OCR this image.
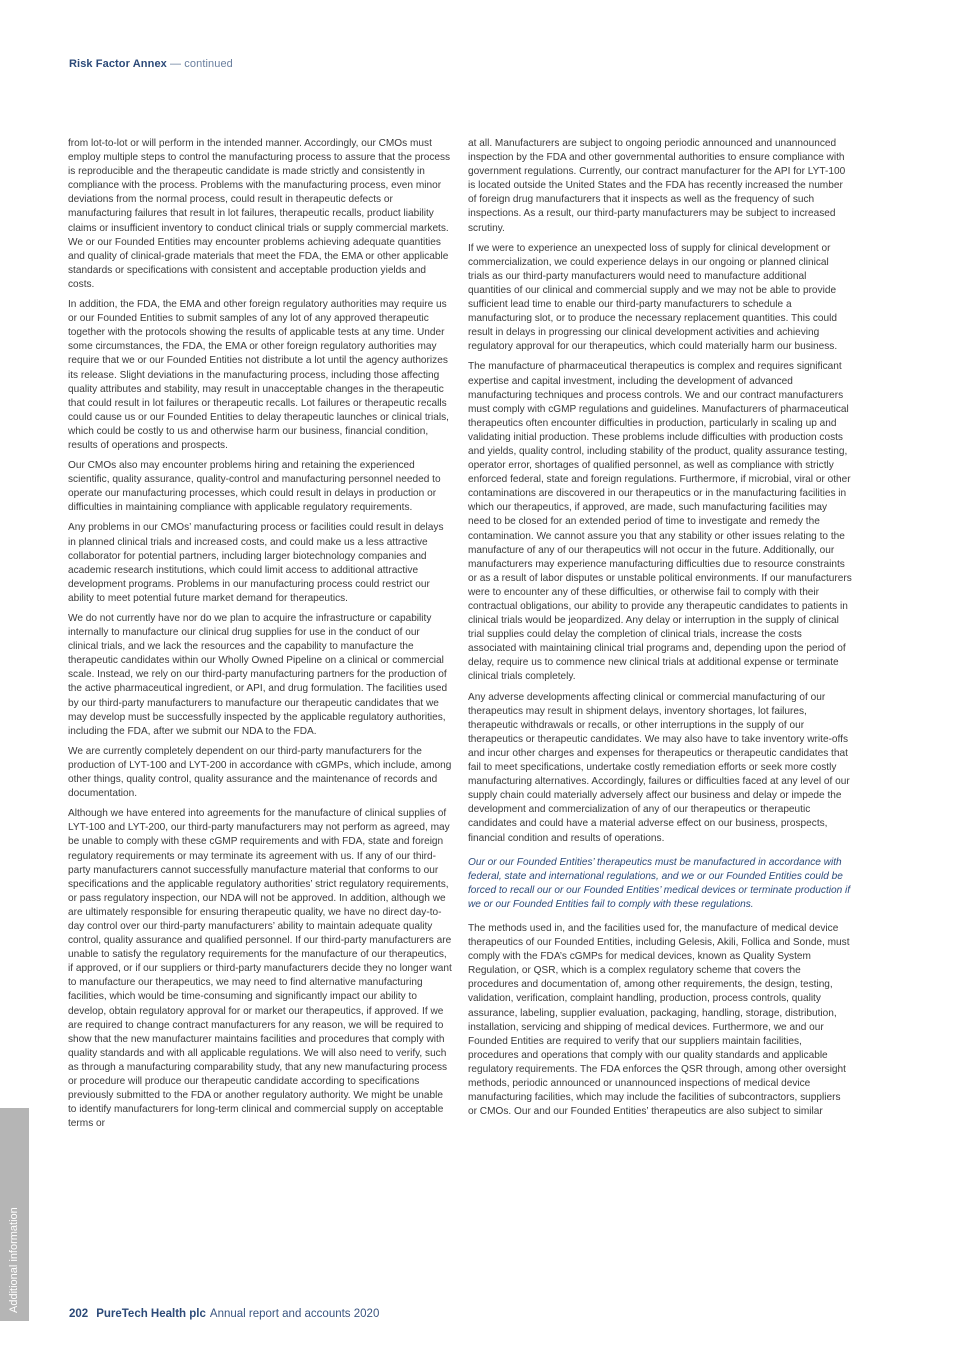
Risk Factor Annex — continued

from lot-to-lot or will perform in the intended manner. Accordingly, our CMOs must employ multiple steps to control the manufacturing process to assure that the process is reproducible and the therapeutic candidate is made strictly and consistently in compliance with the process. Problems with the manufacturing process, even minor deviations from the normal process, could result in therapeutic defects or manufacturing failures that result in lot failures, therapeutic recalls, product liability claims or insufficient inventory to conduct clinical trials or supply commercial markets. We or our Founded Entities may encounter problems achieving adequate quantities and quality of clinical-grade materials that meet the FDA, the EMA or other applicable standards or specifications with consistent and acceptable production yields and costs.

In addition, the FDA, the EMA and other foreign regulatory authorities may require us or our Founded Entities to submit samples of any lot of any approved therapeutic together with the protocols showing the results of applicable tests at any time. Under some circumstances, the FDA, the EMA or other foreign regulatory authorities may require that we or our Founded Entities not distribute a lot until the agency authorizes its release. Slight deviations in the manufacturing process, including those affecting quality attributes and stability, may result in unacceptable changes in the therapeutic that could result in lot failures or therapeutic recalls. Lot failures or therapeutic recalls could cause us or our Founded Entities to delay therapeutic launches or clinical trials, which could be costly to us and otherwise harm our business, financial condition, results of operations and prospects.

Our CMOs also may encounter problems hiring and retaining the experienced scientific, quality assurance, quality-control and manufacturing personnel needed to operate our manufacturing processes, which could result in delays in production or difficulties in maintaining compliance with applicable regulatory requirements.

Any problems in our CMOs’ manufacturing process or facilities could result in delays in planned clinical trials and increased costs, and could make us a less attractive collaborator for potential partners, including larger biotechnology companies and academic research institutions, which could limit access to additional attractive development programs. Problems in our manufacturing process could restrict our ability to meet potential future market demand for therapeutics.

We do not currently have nor do we plan to acquire the infrastructure or capability internally to manufacture our clinical drug supplies for use in the conduct of our clinical trials, and we lack the resources and the capability to manufacture the therapeutic candidates within our Wholly Owned Pipeline on a clinical or commercial scale. Instead, we rely on our third-party manufacturing partners for the production of the active pharmaceutical ingredient, or API, and drug formulation. The facilities used by our third-party manufacturers to manufacture our therapeutic candidates that we may develop must be successfully inspected by the applicable regulatory authorities, including the FDA, after we submit our NDA to the FDA.

We are currently completely dependent on our third-party manufacturers for the production of LYT-100 and LYT-200 in accordance with cGMPs, which include, among other things, quality control, quality assurance and the maintenance of records and documentation.

Although we have entered into agreements for the manufacture of clinical supplies of LYT-100 and LYT-200, our third-party manufacturers may not perform as agreed, may be unable to comply with these cGMP requirements and with FDA, state and foreign regulatory requirements or may terminate its agreement with us. If any of our third-party manufacturers cannot successfully manufacture material that conforms to our specifications and the applicable regulatory authorities’ strict regulatory requirements, or pass regulatory inspection, our NDA will not be approved. In addition, although we are ultimately responsible for ensuring therapeutic quality, we have no direct day-to-day control over our third-party manufacturers’ ability to maintain adequate quality control, quality assurance and qualified personnel. If our third-party manufacturers are unable to satisfy the regulatory requirements for the manufacture of our therapeutics, if approved, or if our suppliers or third-party manufacturers decide they no longer want to manufacture our therapeutics, we may need to find alternative manufacturing facilities, which would be time-consuming and significantly impact our ability to develop, obtain regulatory approval for or market our therapeutics, if approved. If we are required to change contract manufacturers for any reason, we will be required to show that the new manufacturer maintains facilities and procedures that comply with quality standards and with all applicable regulations. We will also need to verify, such as through a manufacturing comparability study, that any new manufacturing process or procedure will produce our therapeutic candidate according to specifications previously submitted to the FDA or another regulatory authority. We might be unable to identify manufacturers for long-term clinical and commercial supply on acceptable terms or

at all. Manufacturers are subject to ongoing periodic announced and unannounced inspection by the FDA and other governmental authorities to ensure compliance with government regulations. Currently, our contract manufacturer for the API for LYT-100 is located outside the United States and the FDA has recently increased the number of foreign drug manufacturers that it inspects as well as the frequency of such inspections. As a result, our third-party manufacturers may be subject to increased scrutiny.

If we were to experience an unexpected loss of supply for clinical development or commercialization, we could experience delays in our ongoing or planned clinical trials as our third-party manufacturers would need to manufacture additional quantities of our clinical and commercial supply and we may not be able to provide sufficient lead time to enable our third-party manufacturers to schedule a manufacturing slot, or to produce the necessary replacement quantities. This could result in delays in progressing our clinical development activities and achieving regulatory approval for our therapeutics, which could materially harm our business.

The manufacture of pharmaceutical therapeutics is complex and requires significant expertise and capital investment, including the development of advanced manufacturing techniques and process controls. We and our contract manufacturers must comply with cGMP regulations and guidelines. Manufacturers of pharmaceutical therapeutics often encounter difficulties in production, particularly in scaling up and validating initial production. These problems include difficulties with production costs and yields, quality control, including stability of the product, quality assurance testing, operator error, shortages of qualified personnel, as well as compliance with strictly enforced federal, state and foreign regulations. Furthermore, if microbial, viral or other contaminations are discovered in our therapeutics or in the manufacturing facilities in which our therapeutics, if approved, are made, such manufacturing facilities may need to be closed for an extended period of time to investigate and remedy the contamination. We cannot assure you that any stability or other issues relating to the manufacture of any of our therapeutics will not occur in the future. Additionally, our manufacturers may experience manufacturing difficulties due to resource constraints or as a result of labor disputes or unstable political environments. If our manufacturers were to encounter any of these difficulties, or otherwise fail to comply with their contractual obligations, our ability to provide any therapeutic candidates to patients in clinical trials would be jeopardized. Any delay or interruption in the supply of clinical trial supplies could delay the completion of clinical trials, increase the costs associated with maintaining clinical trial programs and, depending upon the period of delay, require us to commence new clinical trials at additional expense or terminate clinical trials completely.

Any adverse developments affecting clinical or commercial manufacturing of our therapeutics may result in shipment delays, inventory shortages, lot failures, therapeutic withdrawals or recalls, or other interruptions in the supply of our therapeutics or therapeutic candidates. We may also have to take inventory write-offs and incur other charges and expenses for therapeutics or therapeutic candidates that fail to meet specifications, undertake costly remediation efforts or seek more costly manufacturing alternatives. Accordingly, failures or difficulties faced at any level of our supply chain could materially adversely affect our business and delay or impede the development and commercialization of any of our therapeutics or therapeutic candidates and could have a material adverse effect on our business, prospects, financial condition and results of operations.

Our or our Founded Entities’ therapeutics must be manufactured in accordance with federal, state and international regulations, and we or our Founded Entities could be forced to recall our or our Founded Entities’ medical devices or terminate production if we or our Founded Entities fail to comply with these regulations.

The methods used in, and the facilities used for, the manufacture of medical device therapeutics of our Founded Entities, including Gelesis, Akili, Follica and Sonde, must comply with the FDA’s cGMPs for medical devices, known as Quality System Regulation, or QSR, which is a complex regulatory scheme that covers the procedures and documentation of, among other requirements, the design, testing, validation, verification, complaint handling, production, process controls, quality assurance, labeling, supplier evaluation, packaging, handling, storage, distribution, installation, servicing and shipping of medical devices. Furthermore, we and our Founded Entities are required to verify that our suppliers maintain facilities, procedures and operations that comply with our quality standards and applicable regulatory requirements. The FDA enforces the QSR through, among other oversight methods, periodic announced or unannounced inspections of medical device manufacturing facilities, which may include the facilities of subcontractors, suppliers or CMOs. Our and our Founded Entities’ therapeutics are also subject to similar

Additional information
202 PureTech Health plc Annual report and accounts 2020
